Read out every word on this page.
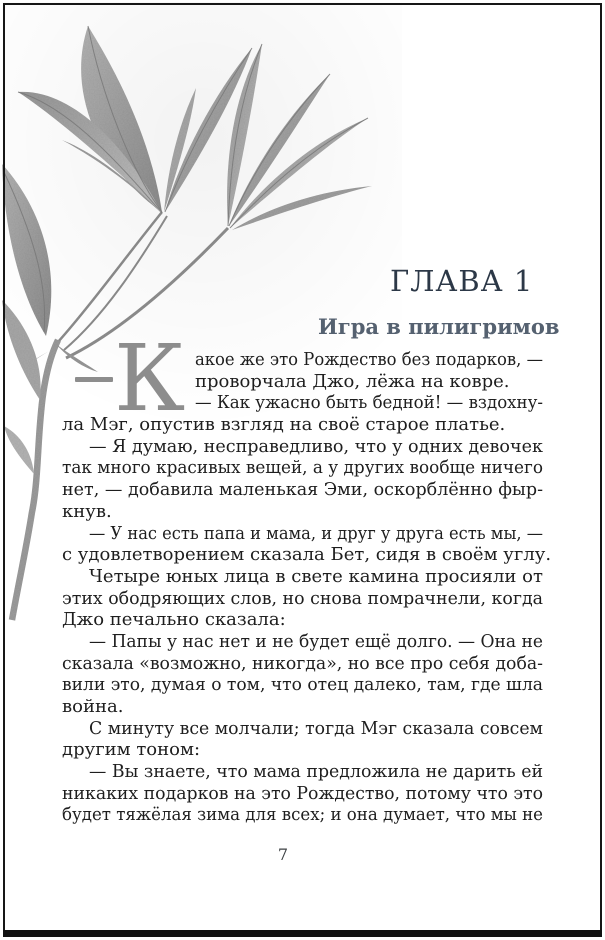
ГЛАВА 1
Игра в пилигримов
К акое же это Рождество без подарков, —
проворчала Джо, лёжа на ковре.
— Как ужасно быть бедной! — вздохну-
ла Мэг, опустив взгляд на своё старое платье.
— Я думаю, несправедливо, что у одних девочек
так много красивых вещей, а у других вообще ничего
нет, — добавила маленькая Эми, оскорблённо фыр-
кнув.
— У нас есть папа и мама, и друг у друга есть мы, —
с удовлетворением сказала Бет, сидя в своём углу.
Четыре юных лица в свете камина просияли от
этих ободряющих слов, но снова помрачнели, когда
Джо печально сказала:
— Папы у нас нет и не будет ещё долго. — Она не
сказала «возможно, никогда», но все про себя доба-
вили это, думая о том, что отец далеко, там, где шла
война.
С минуту все молчали; тогда Мэг сказала совсем
другим тоном:
— Вы знаете, что мама предложила не дарить ей
никаких подарков на это Рождество, потому что это
будет тяжёлая зима для всех; и она думает, что мы не
7
